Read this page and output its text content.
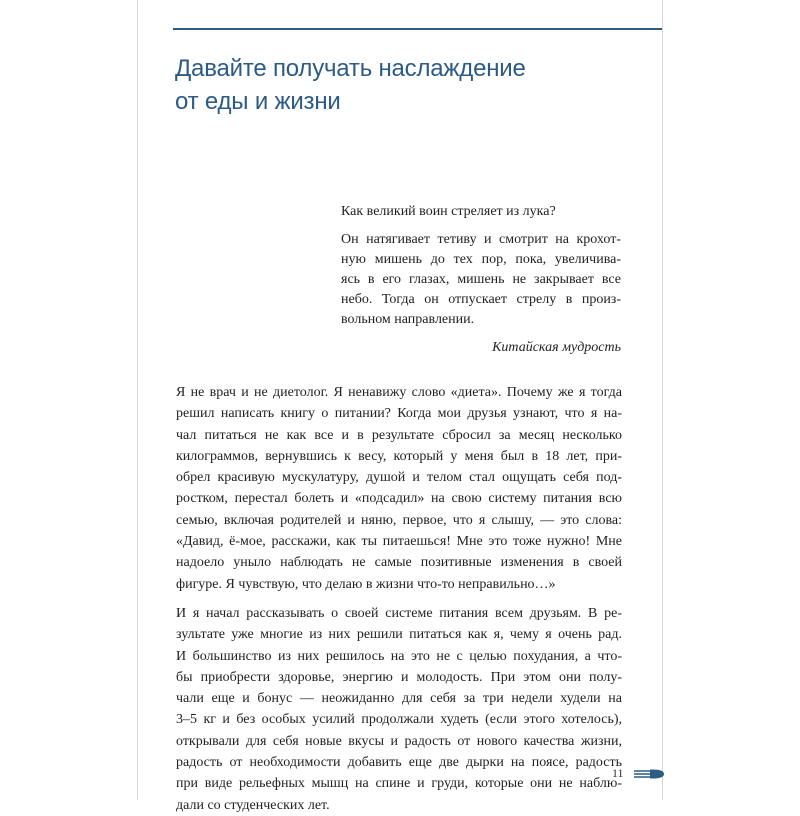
Давайте получать наслаждение
от еды и жизни
Как великий воин стреляет из лука?
Он натягивает тетиву и смотрит на крохот-
ную мишень до тех пор, пока, увеличива-
ясь в его глазах, мишень не закрывает все
небо. Тогда он отпускает стрелу в произ-
вольном направлении.
Китайская мудрость
Я не врач и не диетолог. Я ненавижу слово «диета». Почему же я тогда
решил написать книгу о питании? Когда мои друзья узнают, что я на-
чал питаться не как все и в результате сбросил за месяц несколько
килограммов, вернувшись к весу, который у меня был в 18 лет, при-
обрел красивую мускулатуру, душой и телом стал ощущать себя под-
ростком, перестал болеть и «подсадил» на свою систему питания всю
семью, включая родителей и няню, первое, что я слышу, — это слова:
«Давид, ё-мое, расскажи, как ты питаешься! Мне это тоже нужно! Мне
надоело уныло наблюдать не самые позитивные изменения в своей
фигуре. Я чувствую, что делаю в жизни что-то неправильно…»
И я начал рассказывать о своей системе питания всем друзьям. В ре-
зультате уже многие из них решили питаться как я, чему я очень рад.
И большинство из них решилось на это не с целью похудания, а что-
бы приобрести здоровье, энергию и молодость. При этом они полу-
чали еще и бонус — неожиданно для себя за три недели худели на
3–5 кг и без особых усилий продолжали худеть (если этого хотелось),
открывали для себя новые вкусы и радость от нового качества жизни,
радость от необходимости добавить еще две дырки на поясе, радость
при виде рельефных мышц на спине и груди, которые они не наблю-
дали со студенческих лет.
11
